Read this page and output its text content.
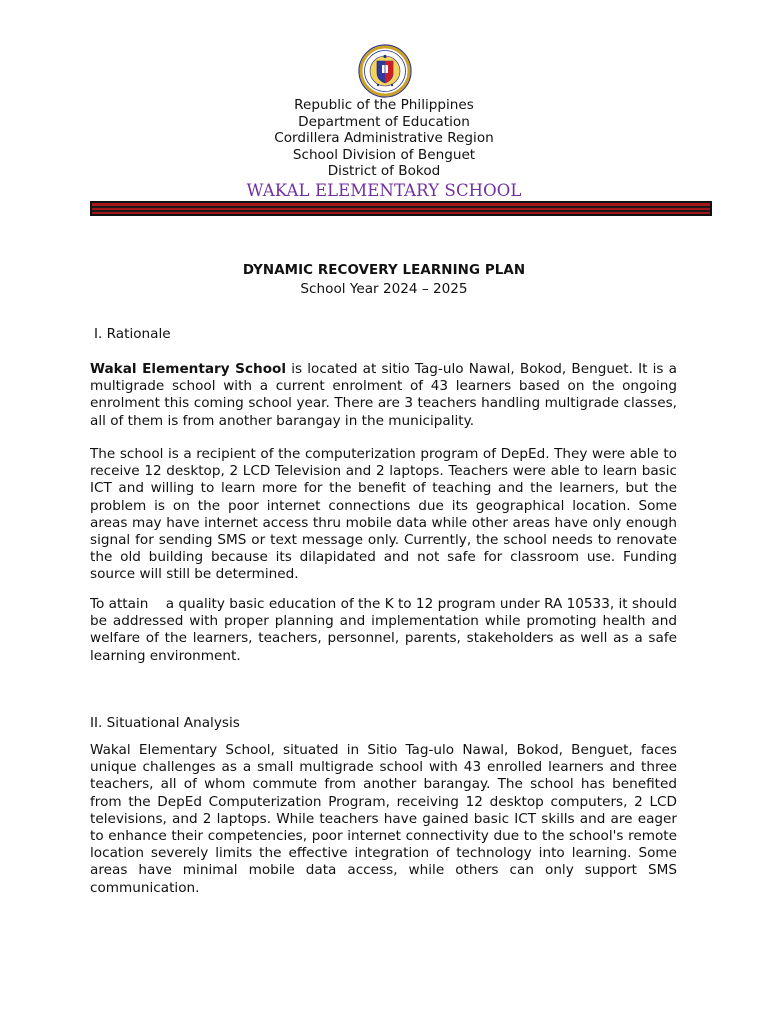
Republic of the Philippines
Department of Education
Cordillera Administrative Region
School Division of Benguet
District of Bokod
WAKAL ELEMENTARY SCHOOL
DYNAMIC RECOVERY LEARNING PLAN
School Year 2024 – 2025
I. Rationale

Wakal Elementary School is located at sitio Tag-ulo Nawal, Bokod, Benguet. It is a multigrade school with a current enrolment of 43 learners based on the ongoing enrolment this coming school year. There are 3 teachers handling multigrade classes, all of them is from another barangay in the municipality.

The school is a recipient of the computerization program of DepEd. They were able to receive 12 desktop, 2 LCD Television and 2 laptops. Teachers were able to learn basic ICT and willing to learn more for the benefit of teaching and the learners, but the problem is on the poor internet connections due its geographical location. Some areas may have internet access thru mobile data while other areas have only enough signal for sending SMS or text message only. Currently, the school needs to renovate the old building because its dilapidated and not safe for classroom use. Funding source will still be determined.

To attain    a quality basic education of the K to 12 program under RA 10533, it should be addressed with proper planning and implementation while promoting health and welfare of the learners, teachers, personnel, parents, stakeholders as well as a safe learning environment.

II. Situational Analysis

Wakal Elementary School, situated in Sitio Tag-ulo Nawal, Bokod, Benguet, faces unique challenges as a small multigrade school with 43 enrolled learners and three teachers, all of whom commute from another barangay. The school has benefited from the DepEd Computerization Program, receiving 12 desktop computers, 2 LCD televisions, and 2 laptops. While teachers have gained basic ICT skills and are eager to enhance their competencies, poor internet connectivity due to the school's remote location severely limits the effective integration of technology into learning. Some areas have minimal mobile data access, while others can only support SMS communication.
